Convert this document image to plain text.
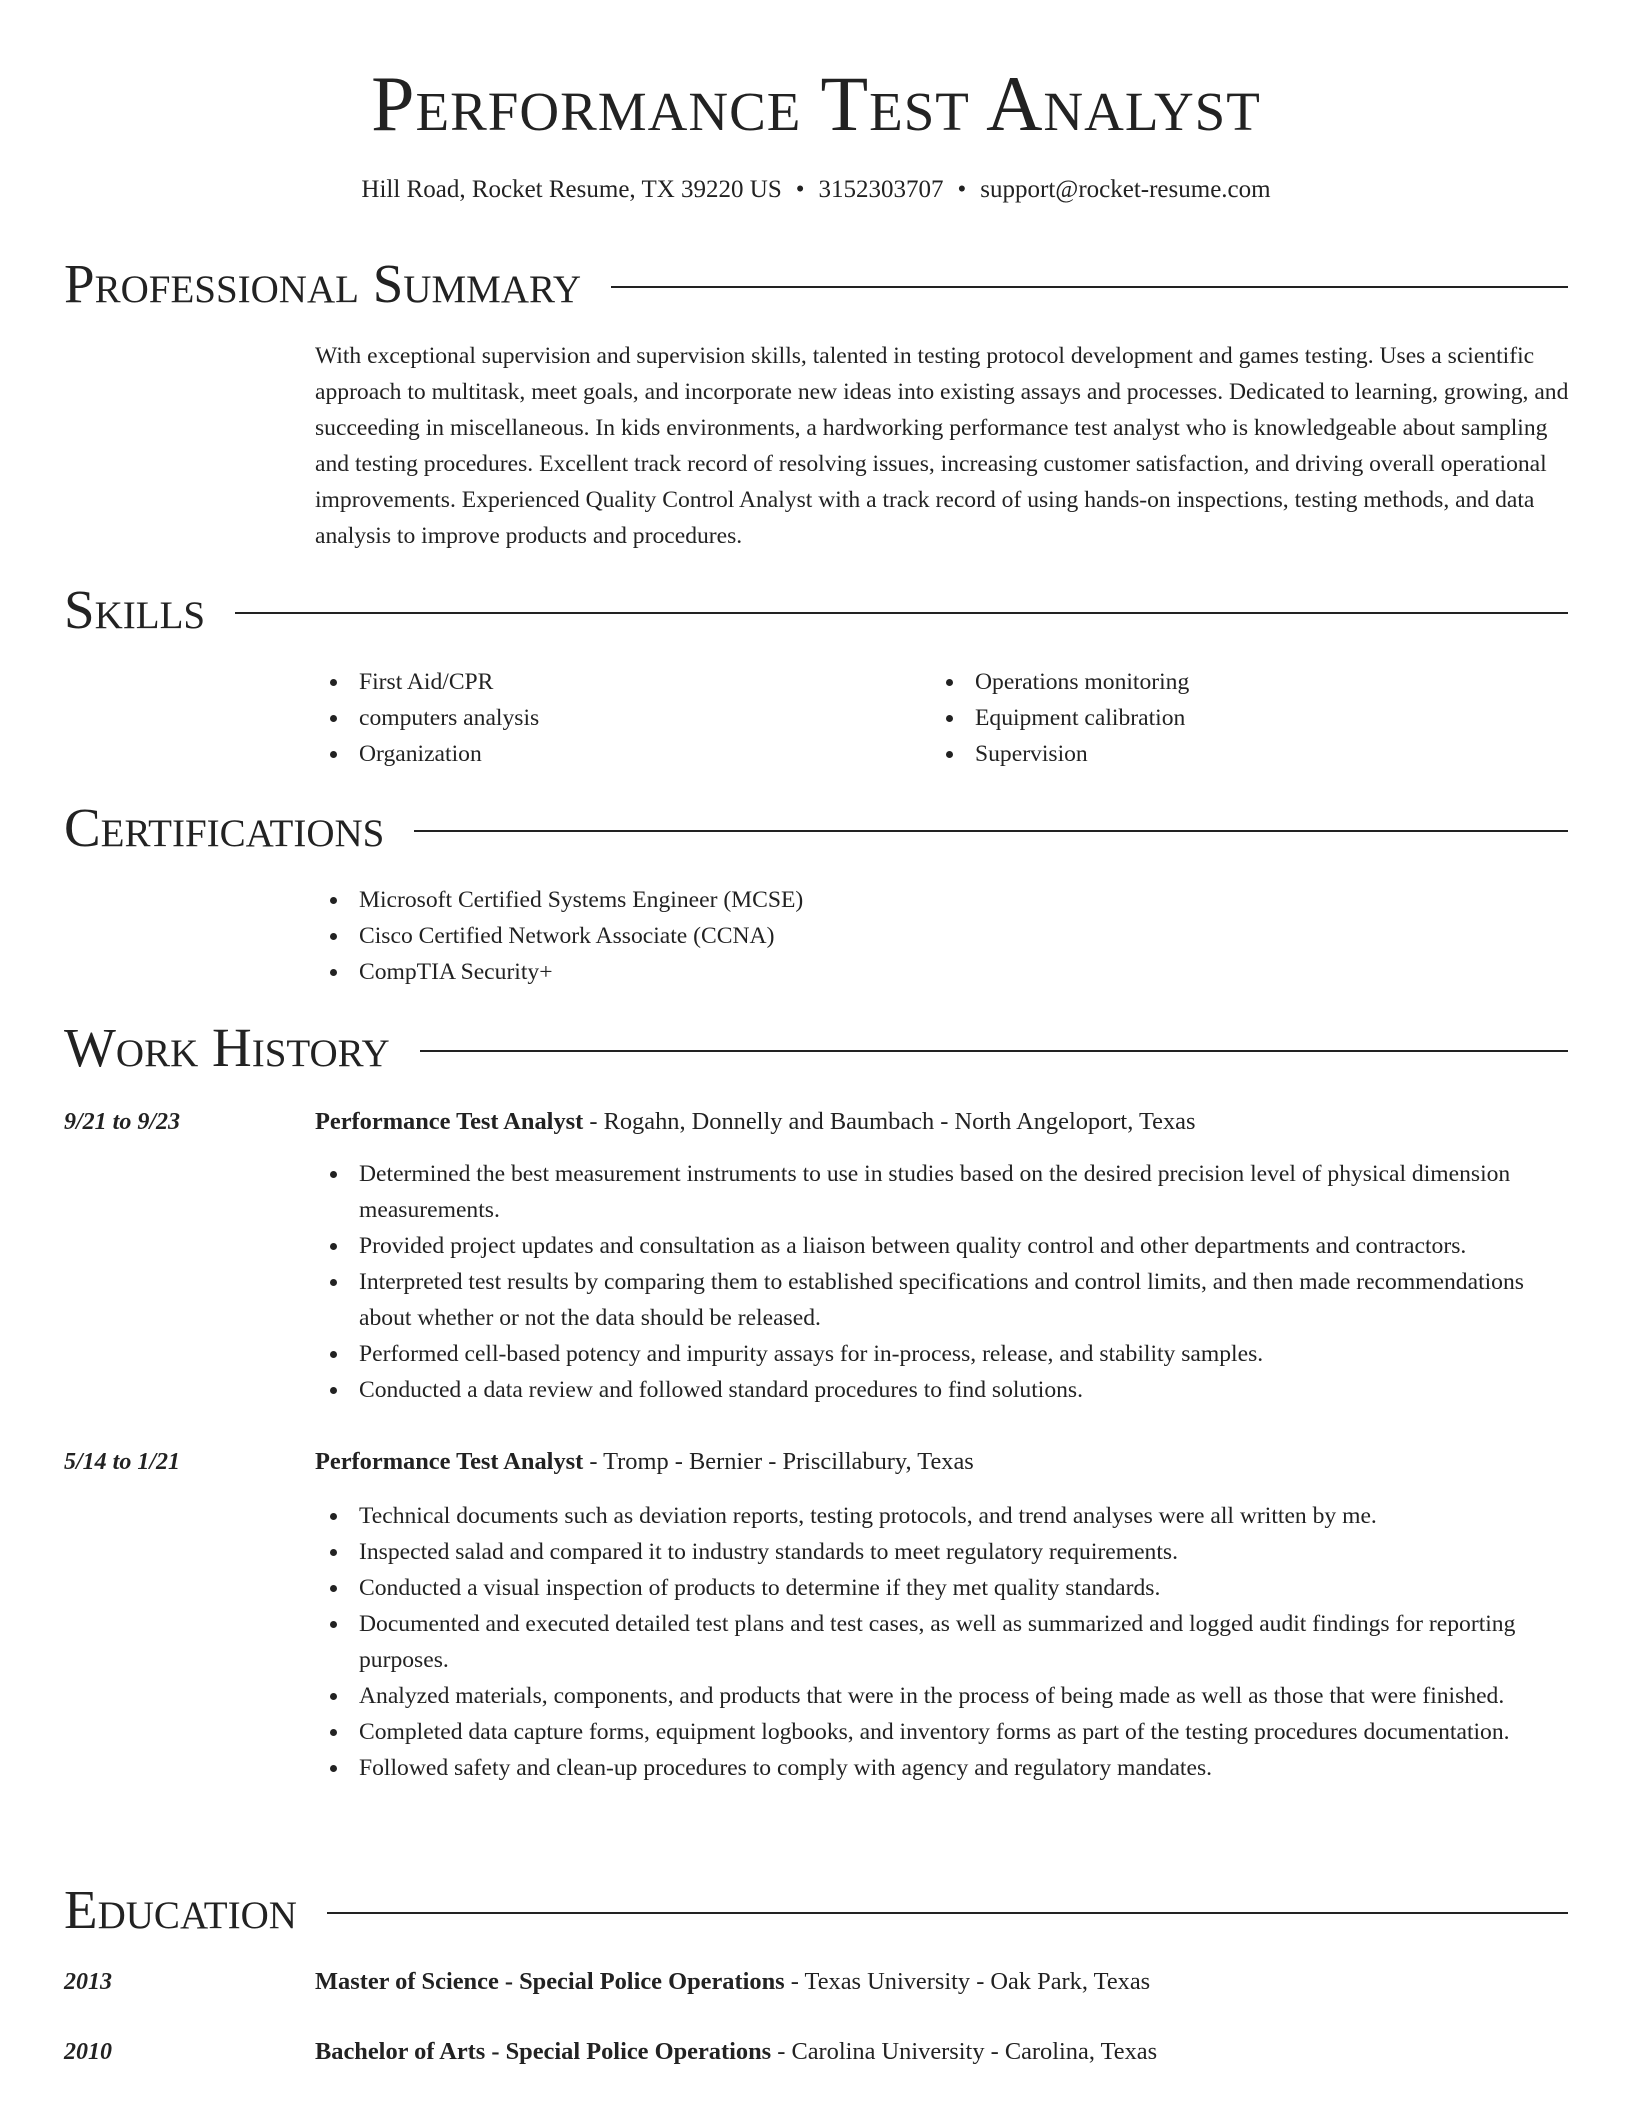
Performance Test Analyst
Hill Road, Rocket Resume, TX 39220 US • 3152303707 • support@rocket-resume.com
Professional Summary

With exceptional supervision and supervision skills, talented in testing protocol development and games testing. Uses a scientific approach to multitask, meet goals, and incorporate new ideas into existing assays and processes. Dedicated to learning, growing, and succeeding in miscellaneous. In kids environments, a hardworking performance test analyst who is knowledgeable about sampling and testing procedures. Excellent track record of resolving issues, increasing customer satisfaction, and driving overall operational improvements. Experienced Quality Control Analyst with a track record of using hands-on inspections, testing methods, and data analysis to improve products and procedures.

Skills
First Aid/CPR
computers analysis
Organization
Operations monitoring
Equipment calibration
Supervision
Certifications
Microsoft Certified Systems Engineer (MCSE)
Cisco Certified Network Associate (CCNA)
CompTIA Security+
Work History
9/21 to 9/23	Performance Test Analyst - Rogahn, Donnelly and Baumbach - North Angeloport, Texas
Determined the best measurement instruments to use in studies based on the desired precision level of physical dimension measurements.
Provided project updates and consultation as a liaison between quality control and other departments and contractors.
Interpreted test results by comparing them to established specifications and control limits, and then made recommendations about whether or not the data should be released.
Performed cell-based potency and impurity assays for in-process, release, and stability samples.
Conducted a data review and followed standard procedures to find solutions.
5/14 to 1/21	Performance Test Analyst - Tromp - Bernier - Priscillabury, Texas
Technical documents such as deviation reports, testing protocols, and trend analyses were all written by me.
Inspected salad and compared it to industry standards to meet regulatory requirements.
Conducted a visual inspection of products to determine if they met quality standards.
Documented and executed detailed test plans and test cases, as well as summarized and logged audit findings for reporting purposes.
Analyzed materials, components, and products that were in the process of being made as well as those that were finished.
Completed data capture forms, equipment logbooks, and inventory forms as part of the testing procedures documentation.
Followed safety and clean-up procedures to comply with agency and regulatory mandates.
Education
2013	Master of Science - Special Police Operations - Texas University - Oak Park, Texas
2010	Bachelor of Arts - Special Police Operations - Carolina University - Carolina, Texas
